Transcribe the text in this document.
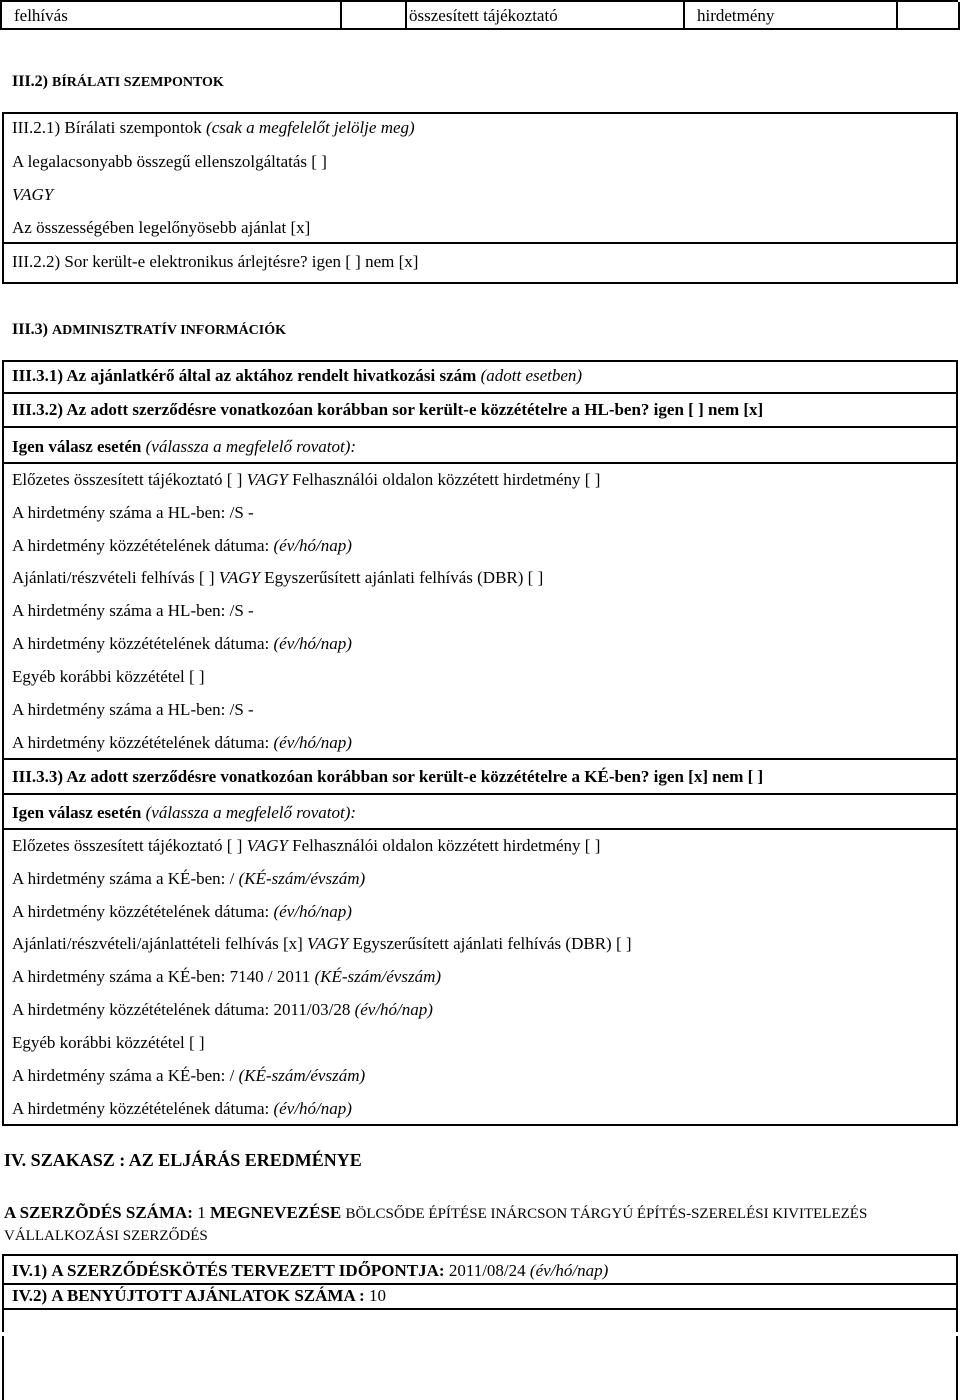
felhívás	összesített tájékoztató	hirdetmény
III.2) BÍRÁLATI SZEMPONTOK
III.2.1) Bírálati szempontok (csak a megfelelőt jelölje meg)
A legalacsonyabb összegű ellenszolgáltatás [ ]
VAGY
Az összességében legelőnyösebb ajánlat [x]
III.2.2) Sor került-e elektronikus árlejtésre? igen [ ] nem [x]
III.3) ADMINISZTRATÍV INFORMÁCIÓK
III.3.1) Az ajánlatkérő által az aktához rendelt hivatkozási szám (adott esetben)
III.3.2) Az adott szerződésre vonatkozóan korábban sor került-e közzétételre a HL-ben? igen [ ] nem [x]
Igen válasz esetén (válassza a megfelelő rovatot):
Előzetes összesített tájékoztató [ ] VAGY Felhasználói oldalon közzétett hirdetmény [ ]
A hirdetmény száma a HL-ben: /S -
A hirdetmény közzétételének dátuma: (év/hó/nap)
Ajánlati/részvételi felhívás [ ] VAGY Egyszerűsített ajánlati felhívás (DBR) [ ]
A hirdetmény száma a HL-ben: /S -
A hirdetmény közzétételének dátuma: (év/hó/nap)
Egyéb korábbi közzététel [ ]
A hirdetmény száma a HL-ben: /S -
A hirdetmény közzétételének dátuma: (év/hó/nap)
III.3.3) Az adott szerződésre vonatkozóan korábban sor került-e közzétételre a KÉ-ben? igen [x] nem [ ]
Igen válasz esetén (válassza a megfelelő rovatot):
Előzetes összesített tájékoztató [ ] VAGY Felhasználói oldalon közzétett hirdetmény [ ]
A hirdetmény száma a KÉ-ben: / (KÉ-szám/évszám)
A hirdetmény közzétételének dátuma: (év/hó/nap)
Ajánlati/részvételi/ajánlattételi felhívás [x] VAGY Egyszerűsített ajánlati felhívás (DBR) [ ]
A hirdetmény száma a KÉ-ben: 7140 / 2011 (KÉ-szám/évszám)
A hirdetmény közzétételének dátuma: 2011/03/28 (év/hó/nap)
Egyéb korábbi közzététel [ ]
A hirdetmény száma a KÉ-ben: / (KÉ-szám/évszám)
A hirdetmény közzétételének dátuma: (év/hó/nap)
IV. SZAKASZ : AZ ELJÁRÁS EREDMÉNYE
A SZERZÕDÉS SZÁMA: 1 MEGNEVEZÉSE BÖLCSŐDE ÉPÍTÉSE INÁRCSON TÁRGYÚ ÉPÍTÉS-SZERELÉSI KIVITELEZÉS
VÁLLALKOZÁSI SZERZŐDÉS
IV.1) A SZERZŐDÉSKÖTÉS TERVEZETT IDŐPONTJA: 2011/08/24 (év/hó/nap)
IV.2) A BENYÚJTOTT AJÁNLATOK SZÁMA : 10
